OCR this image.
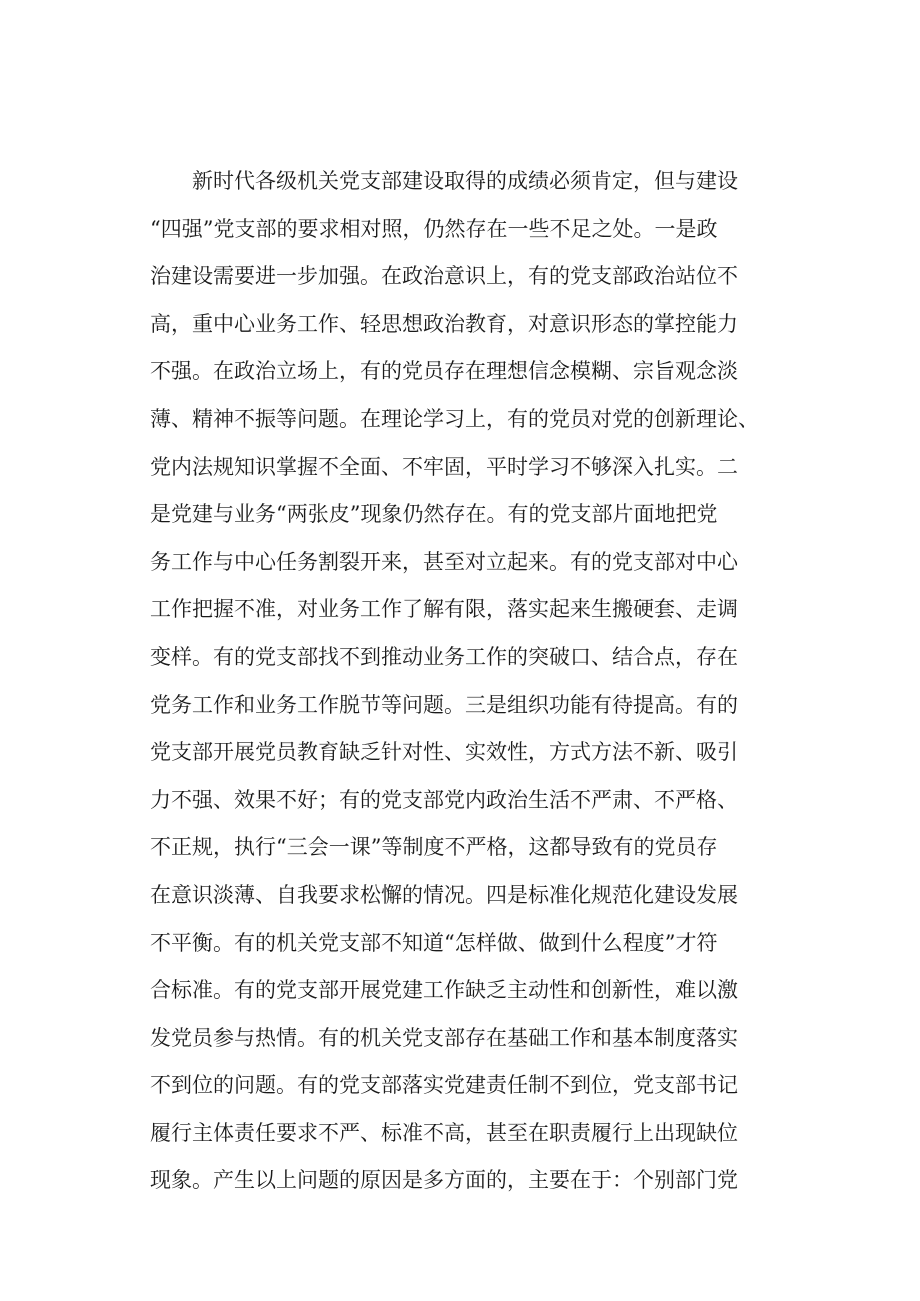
新时代各级机关党支部建设取得的成绩必须肯定，但与建设
“四强”党支部的要求相对照，仍然存在一些不足之处。一是政
治建设需要进一步加强。在政治意识上，有的党支部政治站位不
高，重中心业务工作、轻思想政治教育，对意识形态的掌控能力
不强。在政治立场上，有的党员存在理想信念模糊、宗旨观念淡
薄、精神不振等问题。在理论学习上，有的党员对党的创新理论、
党内法规知识掌握不全面、不牢固，平时学习不够深入扎实。二
是党建与业务“两张皮”现象仍然存在。有的党支部片面地把党
务工作与中心任务割裂开来，甚至对立起来。有的党支部对中心
工作把握不准，对业务工作了解有限，落实起来生搬硬套、走调
变样。有的党支部找不到推动业务工作的突破口、结合点，存在
党务工作和业务工作脱节等问题。三是组织功能有待提高。有的
党支部开展党员教育缺乏针对性、实效性，方式方法不新、吸引
力不强、效果不好；有的党支部党内政治生活不严肃、不严格、
不正规，执行“三会一课”等制度不严格，这都导致有的党员存
在意识淡薄、自我要求松懈的情况。四是标准化规范化建设发展
不平衡。有的机关党支部不知道“怎样做、做到什么程度”才符
合标准。有的党支部开展党建工作缺乏主动性和创新性，难以激
发党员参与热情。有的机关党支部存在基础工作和基本制度落实
不到位的问题。有的党支部落实党建责任制不到位，党支部书记
履行主体责任要求不严、标准不高，甚至在职责履行上出现缺位
现象。产生以上问题的原因是多方面的，主要在于：个别部门党
